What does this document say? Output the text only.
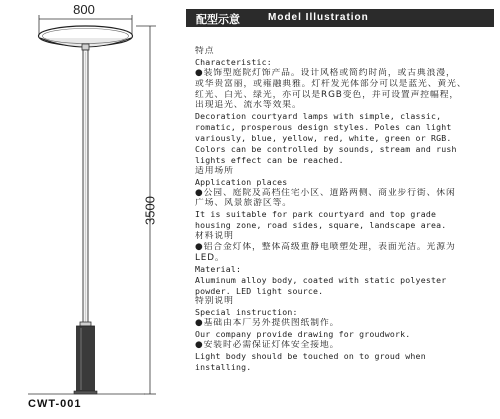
800
3500
CWT-001
配型示意	Model Illustration
特点
Characteristic:
●装饰型庭院灯饰产品。设计风格或简约时尚，或古典浪漫，
或华贵富丽，或雍融典雅。灯杆发光体部分可以是蓝光、黄光、
红光、白光、绿光，亦可以是RGB变色，并可设置声控幅程，
出现追光、流水等效果。
Decoration courtyard lamps with simple, classic,
romatic, prosperous design styles. Poles can light
variously, blue, yellow, red, white, green or RGB.
Colors can be controlled by sounds, stream and rush
lights effect can be reached.
适用场所
Application places
●公园、庭院及高档住宅小区、道路两侧、商业步行街、休闲
广场、风景旅游区等。
It is suitable for park courtyard and top grade
housing zone, road sides, square, landscape area.
材料说明
●铝合金灯体，整体高级重静电喷塑处理，表面光洁。光源为
LED。
Material:
Aluminum alloy body, coated with static polyester
powder. LED light source.
特别说明
Special instruction:
●基础由本厂另外提供图纸制作。
Our company provide drawing for groudwork.
●安装时必需保证灯体安全接地。
Light body should be touched on to groud when
installing.
